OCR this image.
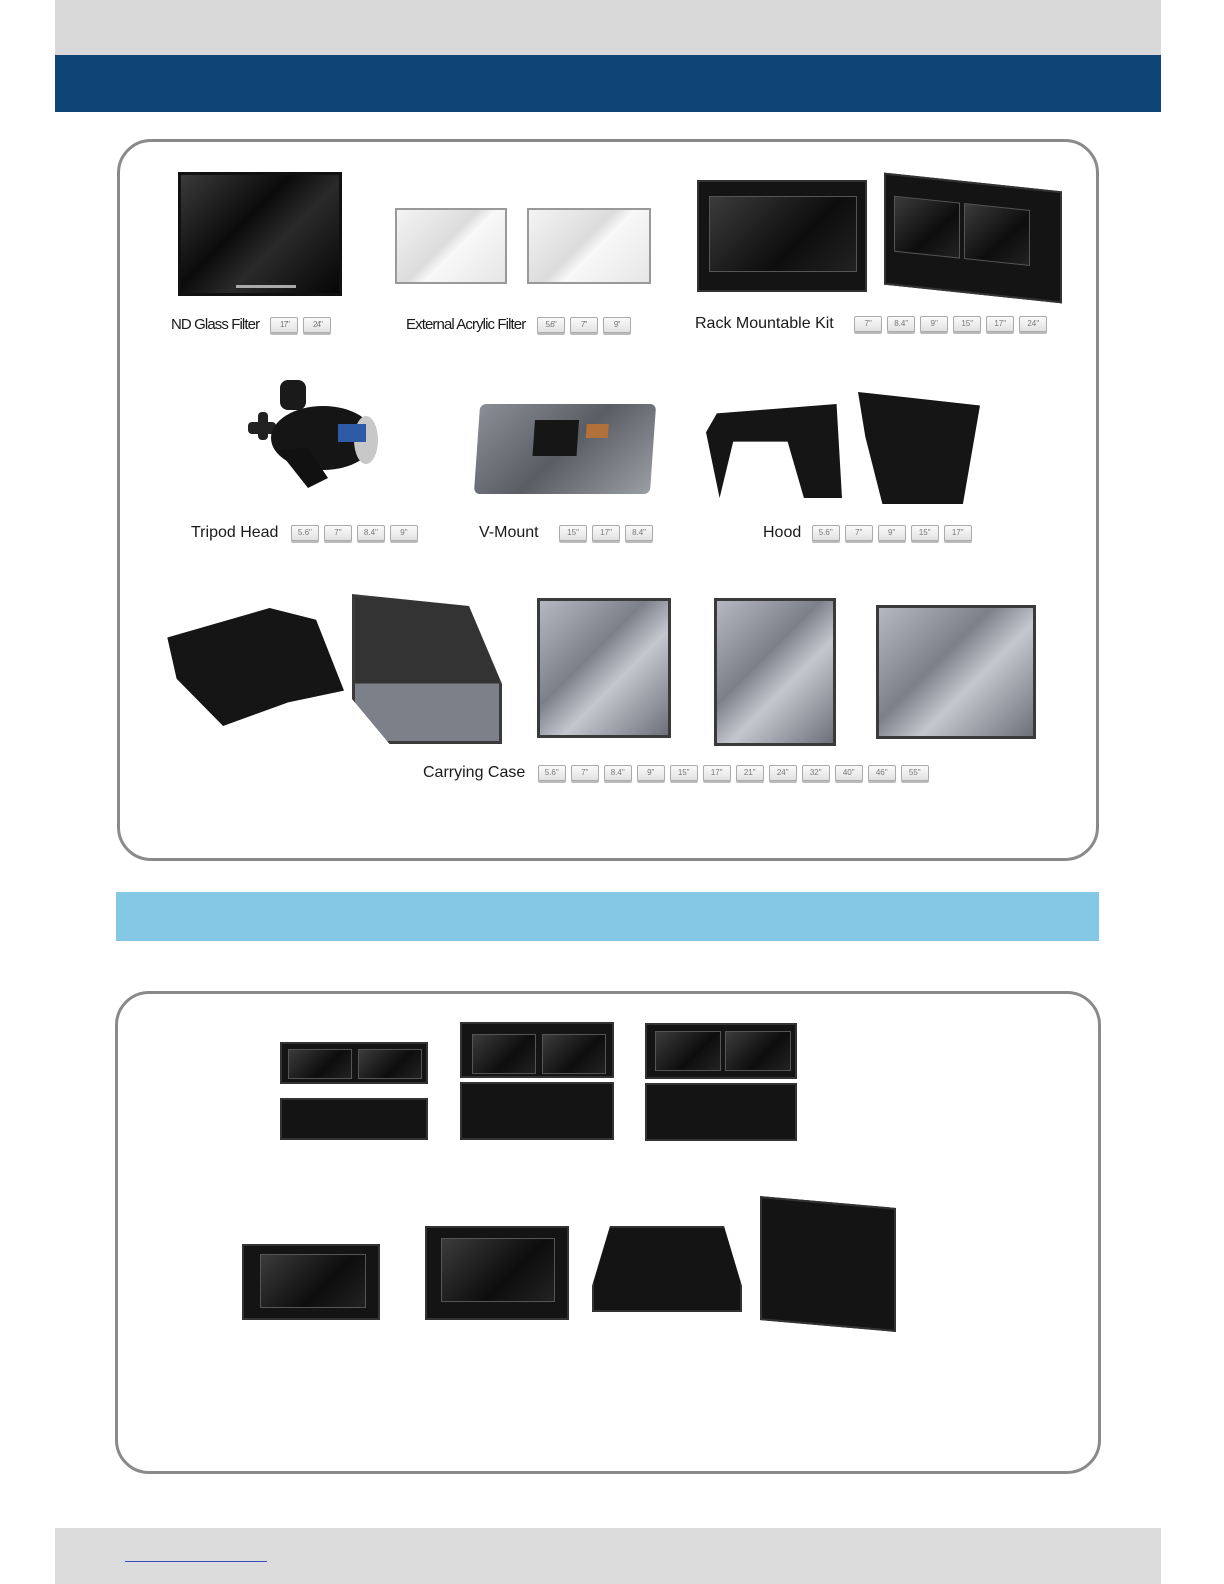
ND Glass Filter	17"	24"	External Acrylic Filter	5.6"	7"	9"	Rack Mountable Kit	7"	8.4"	9"	15"	17"	24"
Tripod Head	5.6"	7"	8.4"	9"	V-Mount	15"	17"	8.4"	Hood	5.6"	7"	9"	15"	17"
Carrying Case	5.6"	7"	8.4"	9"	15"	17"	21"	24"	32"	40"	46"	55"
